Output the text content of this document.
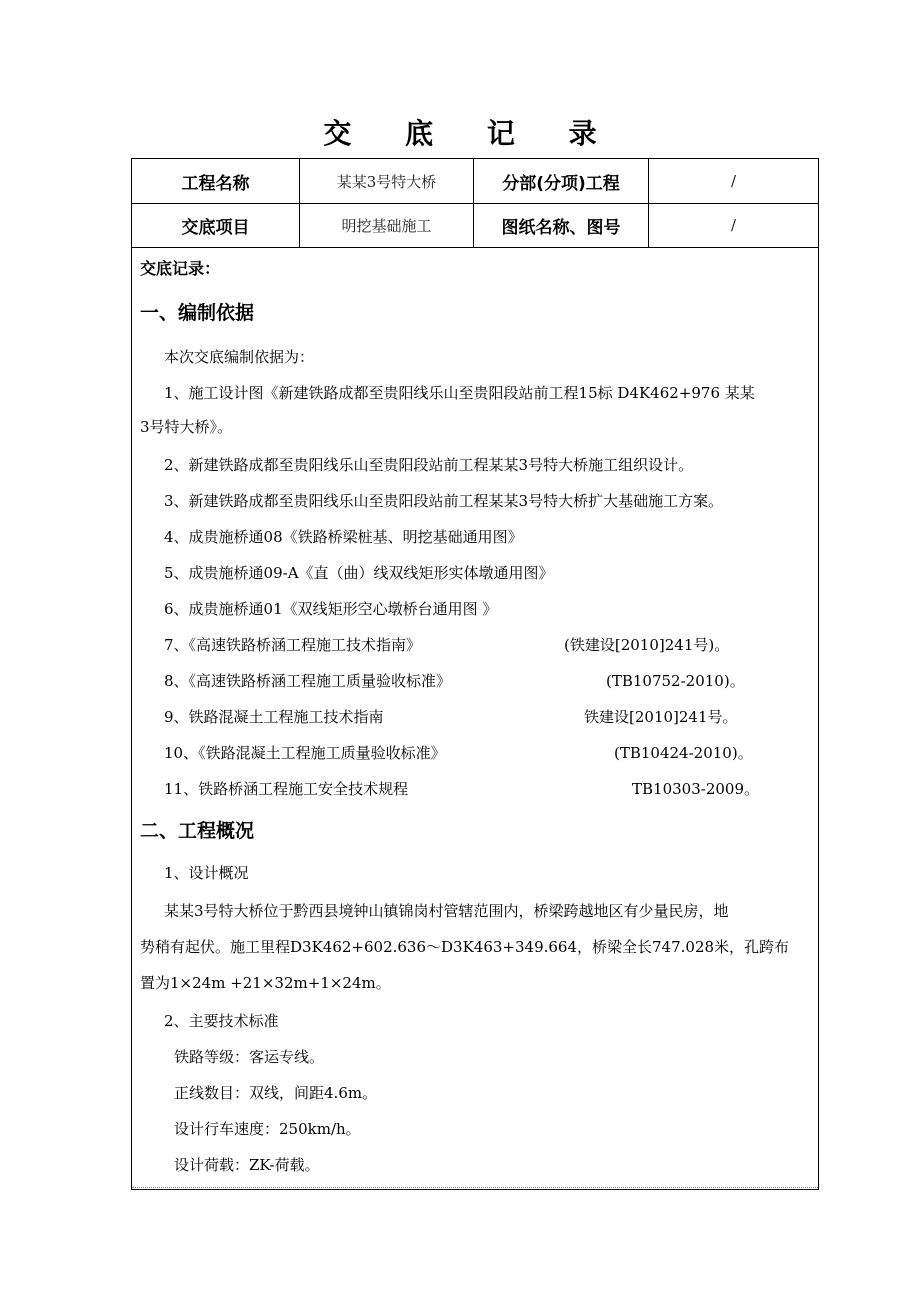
交 底 记 录
工程名称	某某3号特大桥	分部(分项)工程	/
交底项目	明挖基础施工	图纸名称、图号	/
交底记录：
一、编制依据
本次交底编制依据为：
1、施工设计图《新建铁路成都至贵阳线乐山至贵阳段站前工程15标 D4K462+976 某某
3号特大桥》。
2、新建铁路成都至贵阳线乐山至贵阳段站前工程某某3号特大桥施工组织设计。
3、新建铁路成都至贵阳线乐山至贵阳段站前工程某某3号特大桥扩大基础施工方案。
4、成贵施桥通08《铁路桥梁桩基、明挖基础通用图》
5、成贵施桥通09-A《直（曲）线双线矩形实体墩通用图》
6、成贵施桥通01《双线矩形空心墩桥台通用图 》
7、《高速铁路桥涵工程施工技术指南》	(铁建设[2010]241号)。
8、《高速铁路桥涵工程施工质量验收标准》	(TB10752-2010)。
9、铁路混凝土工程施工技术指南	铁建设[2010]241号。
10、《铁路混凝土工程施工质量验收标准》	(TB10424-2010)。
11、铁路桥涵工程施工安全技术规程	TB10303-2009。
二、工程概况
1、设计概况
某某3号特大桥位于黔西县境钟山镇锦岗村管辖范围内，桥梁跨越地区有少量民房，地
势稍有起伏。施工里程D3K462+602.636～D3K463+349.664，桥梁全长747.028米，孔跨布
置为1×24m +21×32m+1×24m。
2、主要技术标准
铁路等级：客运专线。
正线数目：双线，间距4.6m。
设计行车速度：250km/h。
设计荷载：ZK-荷载。
